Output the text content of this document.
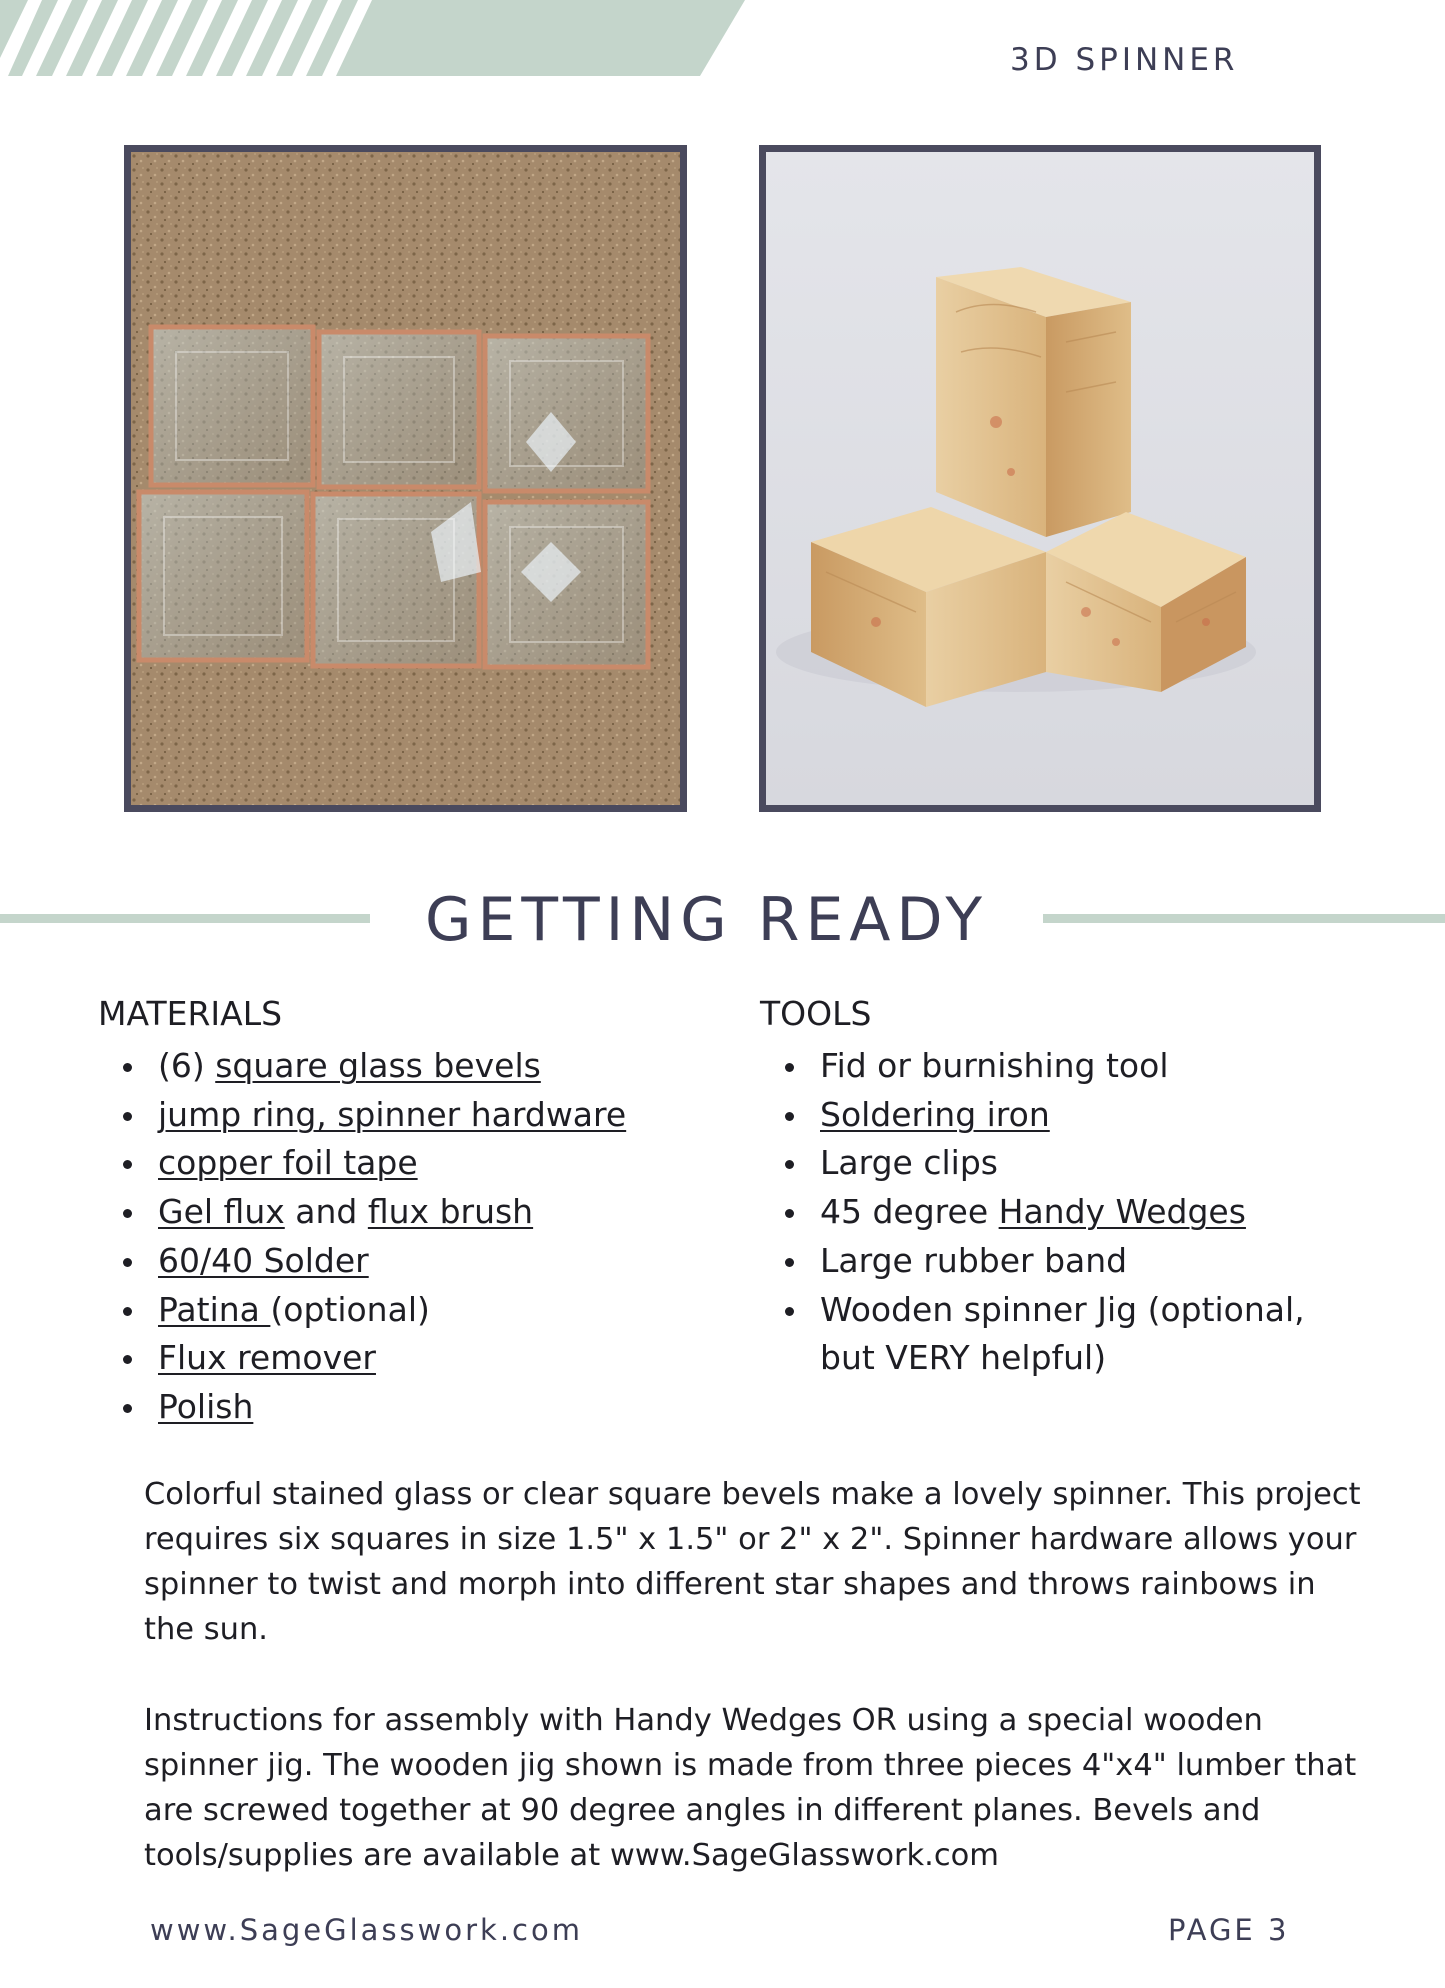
3D SPINNER
GETTING READY
MATERIALS
(6) square glass bevels
jump ring, spinner hardware
copper foil tape
Gel flux and flux brush
60/40 Solder
Patina (optional)
Flux remover
Polish
TOOLS
Fid or burnishing tool
Soldering iron
Large clips
45 degree Handy Wedges
Large rubber band
Wooden spinner Jig (optional, but VERY helpful)

Colorful stained glass or clear square bevels make a lovely spinner. This project requires six squares in size 1.5" x 1.5" or 2" x 2". Spinner hardware allows your spinner to twist and morph into different star shapes and throws rainbows in the sun.

Instructions for assembly with Handy Wedges OR using a special wooden spinner jig. The wooden jig shown is made from three pieces 4"x4" lumber that are screwed together at 90 degree angles in different planes. Bevels and tools/supplies are available at www.SageGlasswork.com

www.SageGlasswork.com	PAGE 3
